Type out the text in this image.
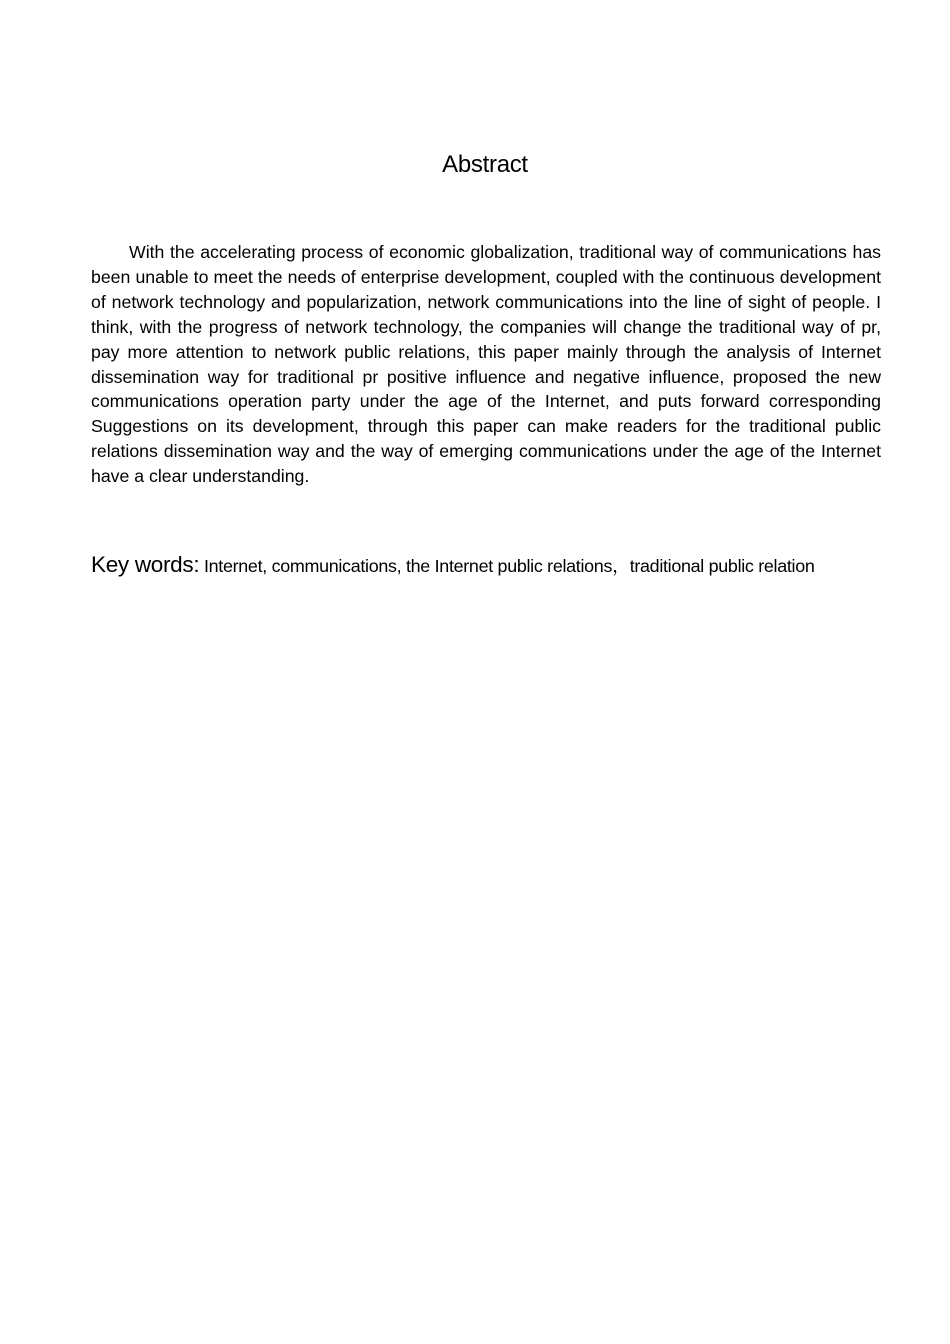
Abstract

With the accelerating process of economic globalization, traditional way of communications has been unable to meet the needs of enterprise development, coupled with the continuous development of network technology and popularization, network communications into the line of sight of people. I think, with the progress of network technology, the companies will change the traditional way of pr, pay more attention to network public relations, this paper mainly through the analysis of Internet dissemination way for traditional pr positive influence and negative influence, proposed the new communications operation party under the age of the Internet, and puts forward corresponding Suggestions on its development, through this paper can make readers for the traditional public relations dissemination way and the way of emerging communications under the age of the Internet have a clear understanding.

Key words: Internet, communications, the Internet public relations，traditional public relation
